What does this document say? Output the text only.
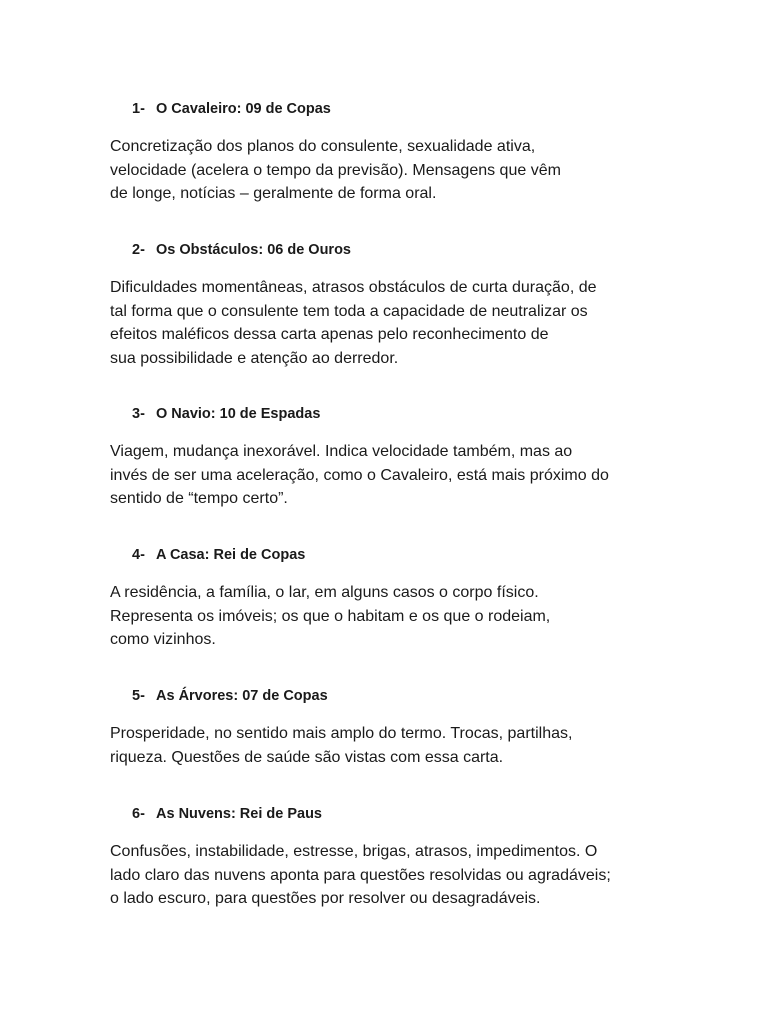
1- O Cavaleiro: 09 de Copas
Concretização dos planos do consulente, sexualidade ativa,
velocidade (acelera o tempo da previsão). Mensagens que vêm
de longe, notícias – geralmente de forma oral.
2- Os Obstáculos: 06 de Ouros
Dificuldades momentâneas, atrasos obstáculos de curta duração, de
tal forma que o consulente tem toda a capacidade de neutralizar os
efeitos maléficos dessa carta apenas pelo reconhecimento de
sua possibilidade e atenção ao derredor.
3- O Navio: 10 de Espadas
Viagem, mudança inexorável. Indica velocidade também, mas ao
invés de ser uma aceleração, como o Cavaleiro, está mais próximo do
sentido de “tempo certo”.
4- A Casa: Rei de Copas
A residência, a família, o lar, em alguns casos o corpo físico.
Representa os imóveis; os que o habitam e os que o rodeiam,
como vizinhos.
5- As Árvores: 07 de Copas
Prosperidade, no sentido mais amplo do termo. Trocas, partilhas,
riqueza. Questões de saúde são vistas com essa carta.
6- As Nuvens: Rei de Paus
Confusões, instabilidade, estresse, brigas, atrasos, impedimentos. O
lado claro das nuvens aponta para questões resolvidas ou agradáveis;
o lado escuro, para questões por resolver ou desagradáveis.
